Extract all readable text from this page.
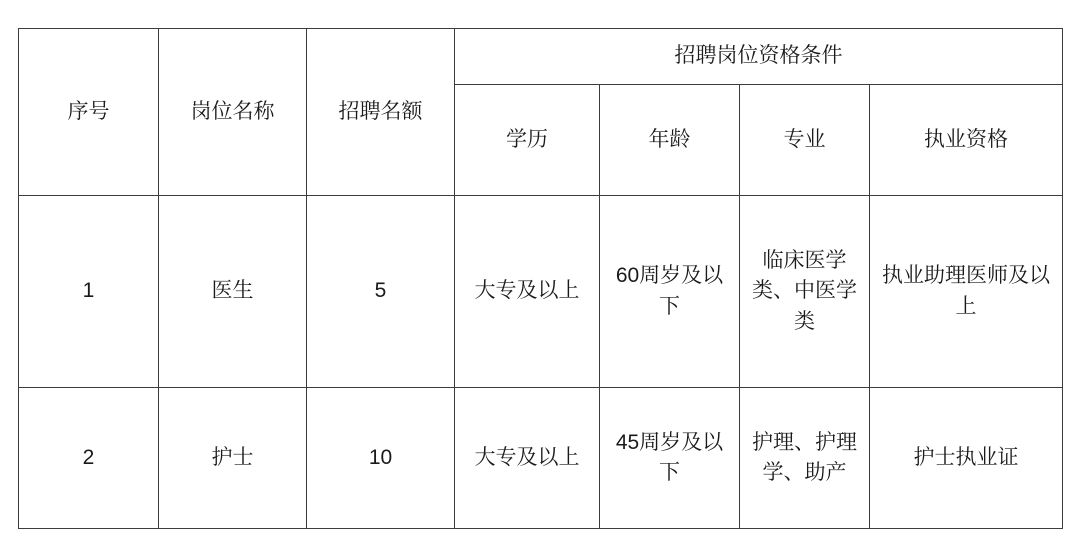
序号	岗位名称	招聘名额	招聘岗位资格条件			
			学历	年龄	专业	执业资格
1	医生	5	大专及以上	60周岁及以下	临床医学类、中医学类	执业助理医师及以上
2	护士	10	大专及以上	45周岁及以下	护理、护理学、助产	护士执业证
